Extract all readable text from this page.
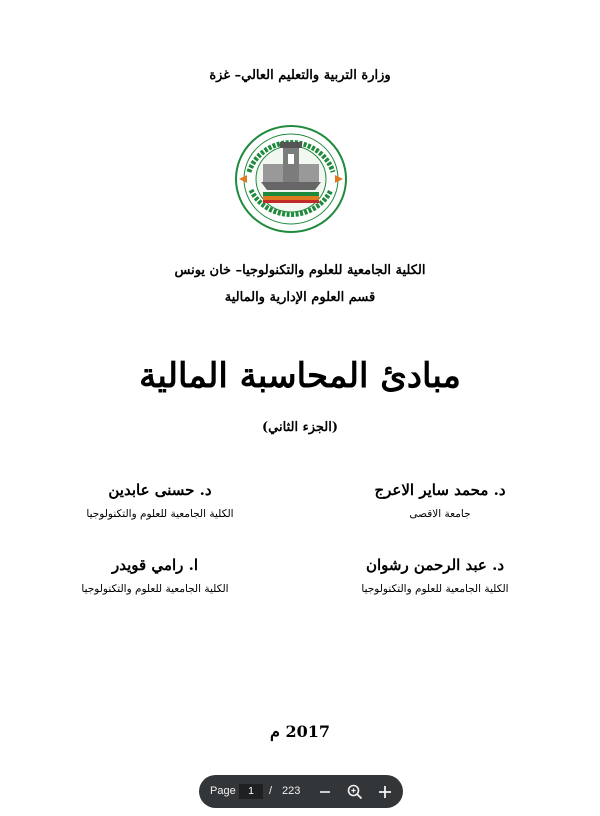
وزارة التربية والتعليم العالي– غزة
الكلية الجامعية للعلوم والتكنولوجيا– خان يونس
قسم العلوم الإدارية والمالية
مبادئ المحاسبة المالية
(الجزء الثاني)
د. محمد ساير الاعرج
جامعة الاقصى
د. حسنى عابدين
الكلية الجامعية للعلوم والتكنولوجيا
د. عبد الرحمن رشوان
الكلية الجامعية للعلوم والتكنولوجيا
ا. رامي قويدر
الكلية الجامعية للعلوم والتكنولوجيا
2017 م
Page	1	/ 223
